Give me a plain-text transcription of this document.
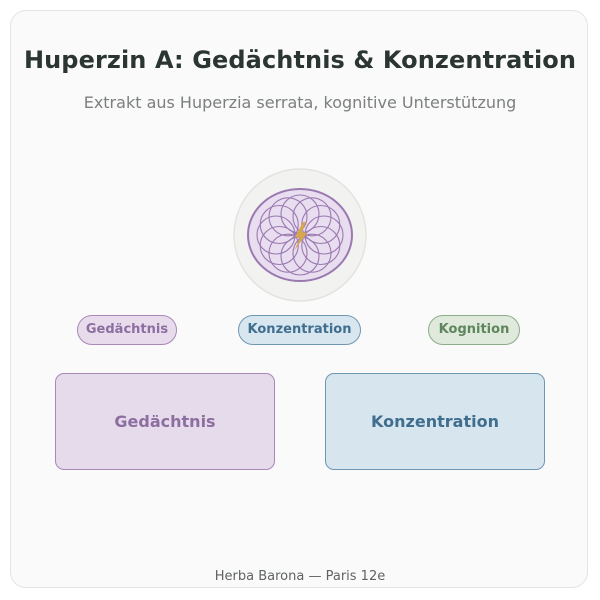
Huperzin A: Gedächtnis & Konzentration
Extrakt aus Huperzia serrata, kognitive Unterstützung
Gedächtnis	Konzentration	Kognition
Gedächtnis	Konzentration
Herba Barona — Paris 12e
